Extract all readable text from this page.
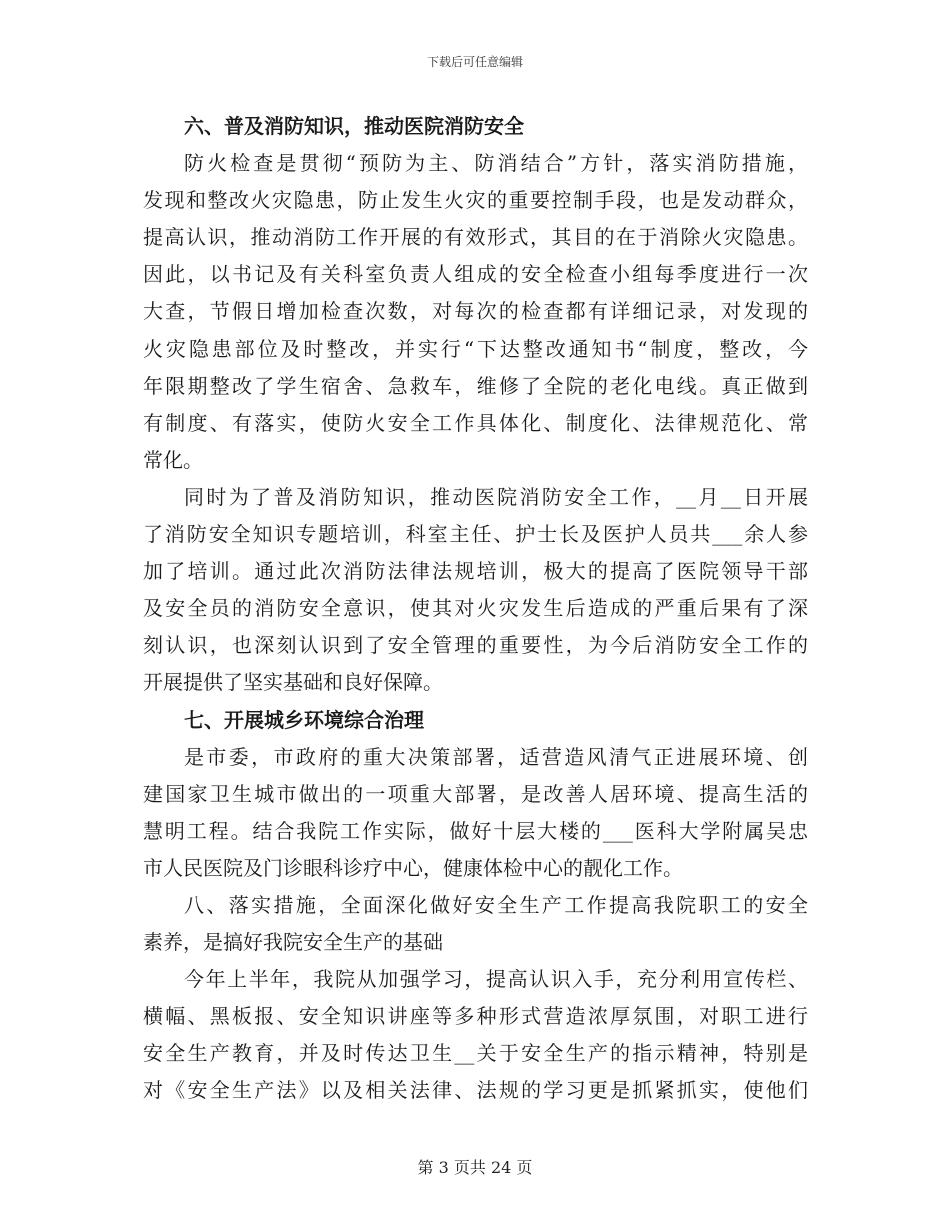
下载后可任意编辑
六、普及消防知识，推动医院消防安全
防火检查是贯彻“预防为主、防消结合”方针，落实消防措施，
发现和整改火灾隐患，防止发生火灾的重要控制手段，也是发动群众，
提高认识，推动消防工作开展的有效形式，其目的在于消除火灾隐患。
因此，以书记及有关科室负责人组成的安全检查小组每季度进行一次
大查，节假日增加检查次数，对每次的检查都有详细记录，对发现的
火灾隐患部位及时整改，并实行“下达整改通知书“制度，整改，今
年限期整改了学生宿舍、急救车，维修了全院的老化电线。真正做到
有制度、有落实，使防火安全工作具体化、制度化、法律规范化、常
常化。
同时为了普及消防知识，推动医院消防安全工作，__月__日开展
了消防安全知识专题培训，科室主任、护士长及医护人员共___余人参
加了培训。通过此次消防法律法规培训，极大的提高了医院领导干部
及安全员的消防安全意识，使其对火灾发生后造成的严重后果有了深
刻认识，也深刻认识到了安全管理的重要性，为今后消防安全工作的
开展提供了坚实基础和良好保障。
七、开展城乡环境综合治理
是市委，市政府的重大决策部署，适营造风清气正进展环境、创
建国家卫生城市做出的一项重大部署，是改善人居环境、提高生活的
慧明工程。结合我院工作实际，做好十层大楼的___医科大学附属吴忠
市人民医院及门诊眼科诊疗中心，健康体检中心的靓化工作。
八、落实措施，全面深化做好安全生产工作提高我院职工的安全
素养，是搞好我院安全生产的基础
今年上半年，我院从加强学习，提高认识入手，充分利用宣传栏、
横幅、黑板报、安全知识讲座等多种形式营造浓厚氛围，对职工进行
安全生产教育，并及时传达卫生__关于安全生产的指示精神，特别是
对《安全生产法》以及相关法律、法规的学习更是抓紧抓实，使他们
第 3 页共 24 页
